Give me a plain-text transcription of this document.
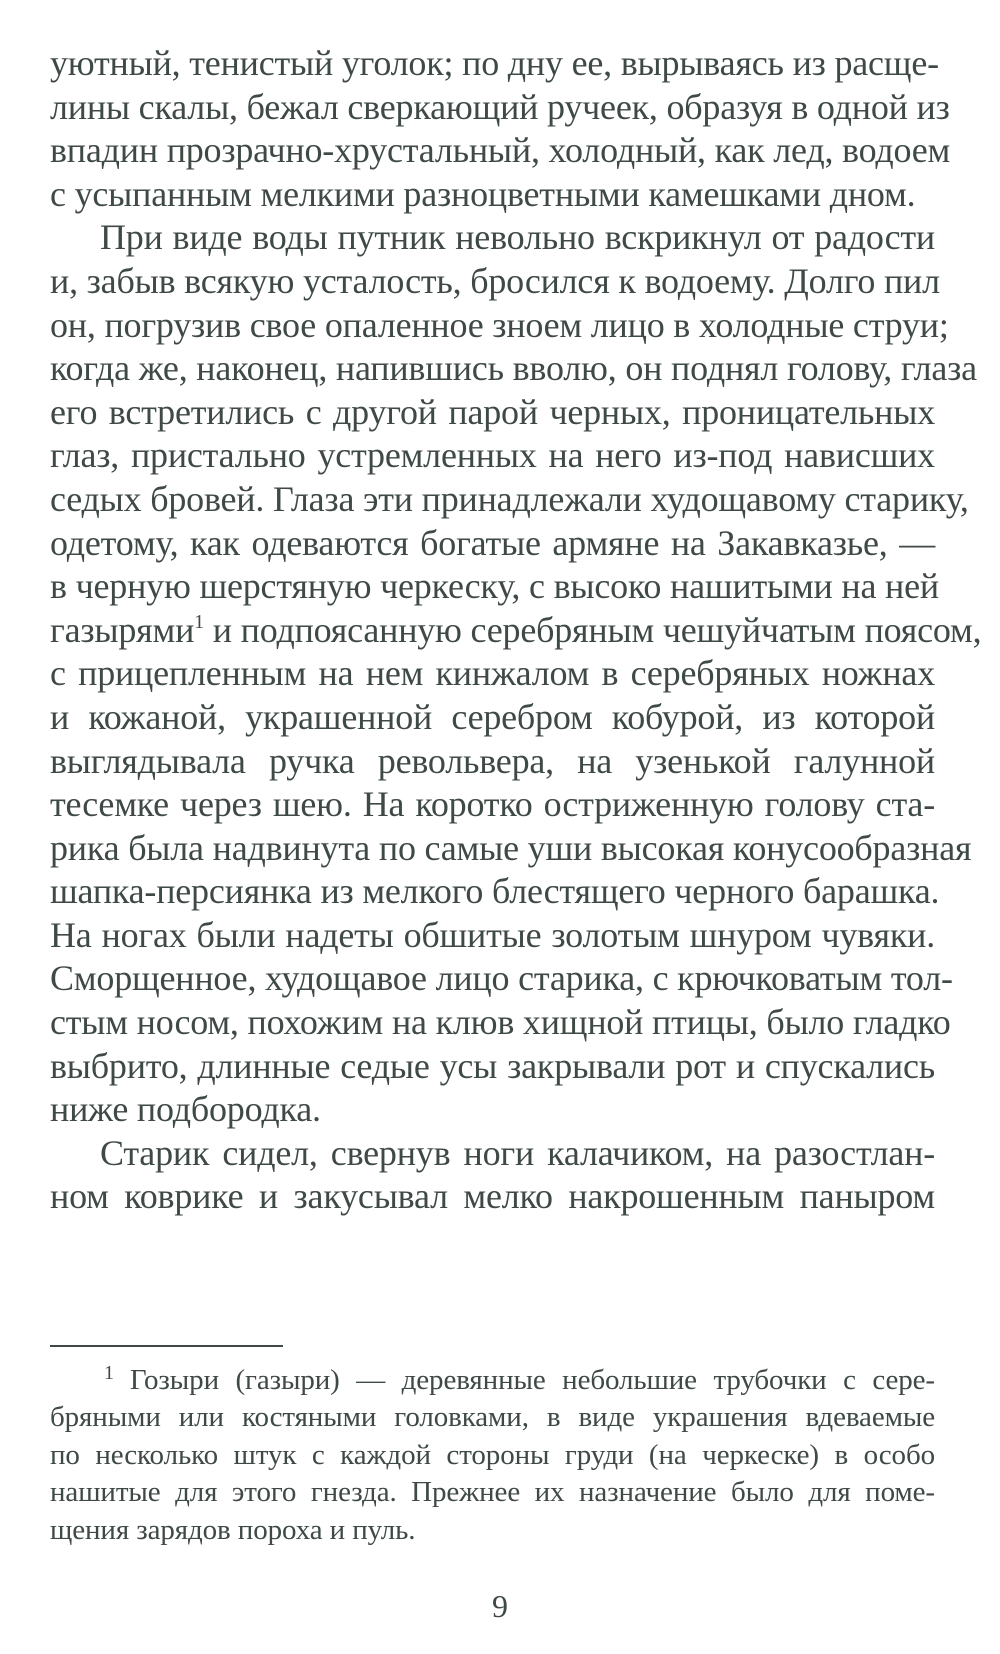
уютный, тенистый уголок; по дну ее, вырываясь из расще-
лины скалы, бежал сверкающий ручеек, образуя в одной из
впадин прозрачно-хрустальный, холодный, как лед, водоем
с усыпанным мелкими разноцветными камешками дном.
При виде воды путник невольно вскрикнул от радости
и, забыв всякую усталость, бросился к водоему. Долго пил
он, погрузив свое опаленное зноем лицо в холодные струи;
когда же, наконец, напившись вволю, он поднял голову, глаза
его встретились с другой парой черных, проницательных
глаз, пристально устремленных на него из-под нависших
седых бровей. Глаза эти принадлежали худощавому старику,
одетому, как одеваются богатые армяне на Закавказье, —
в черную шерстяную черкеску, с высоко нашитыми на ней
газырями$^1$ и подпоясанную серебряным чешуйчатым поясом,
с прицепленным на нем кинжалом в серебряных ножнах
и кожаной, украшенной серебром кобурой, из которой
выглядывала ручка револьвера, на узенькой галунной
тесемке через шею. На коротко остриженную голову ста-
рика была надвинута по самые уши высокая конусообразная
шапка-персиянка из мелкого блестящего черного барашка.
На ногах были надеты обшитые золотым шнуром чувяки.
Сморщенное, худощавое лицо старика, с крючковатым тол-
стым носом, похожим на клюв хищной птицы, было гладко
выбрито, длинные седые усы закрывали рот и спускались
ниже подбородка.
Старик сидел, свернув ноги калачиком, на разостлан-
ном коврике и закусывал мелко накрошенным паныром
$^1$ Гозыри (газыри) — деревянные небольшие трубочки с сере-
бряными или костяными головками, в виде украшения вдеваемые
по несколько штук с каждой стороны груди (на черкеске) в особо
нашитые для этого гнезда. Прежнее их назначение было для поме-
щения зарядов пороха и пуль.
9
